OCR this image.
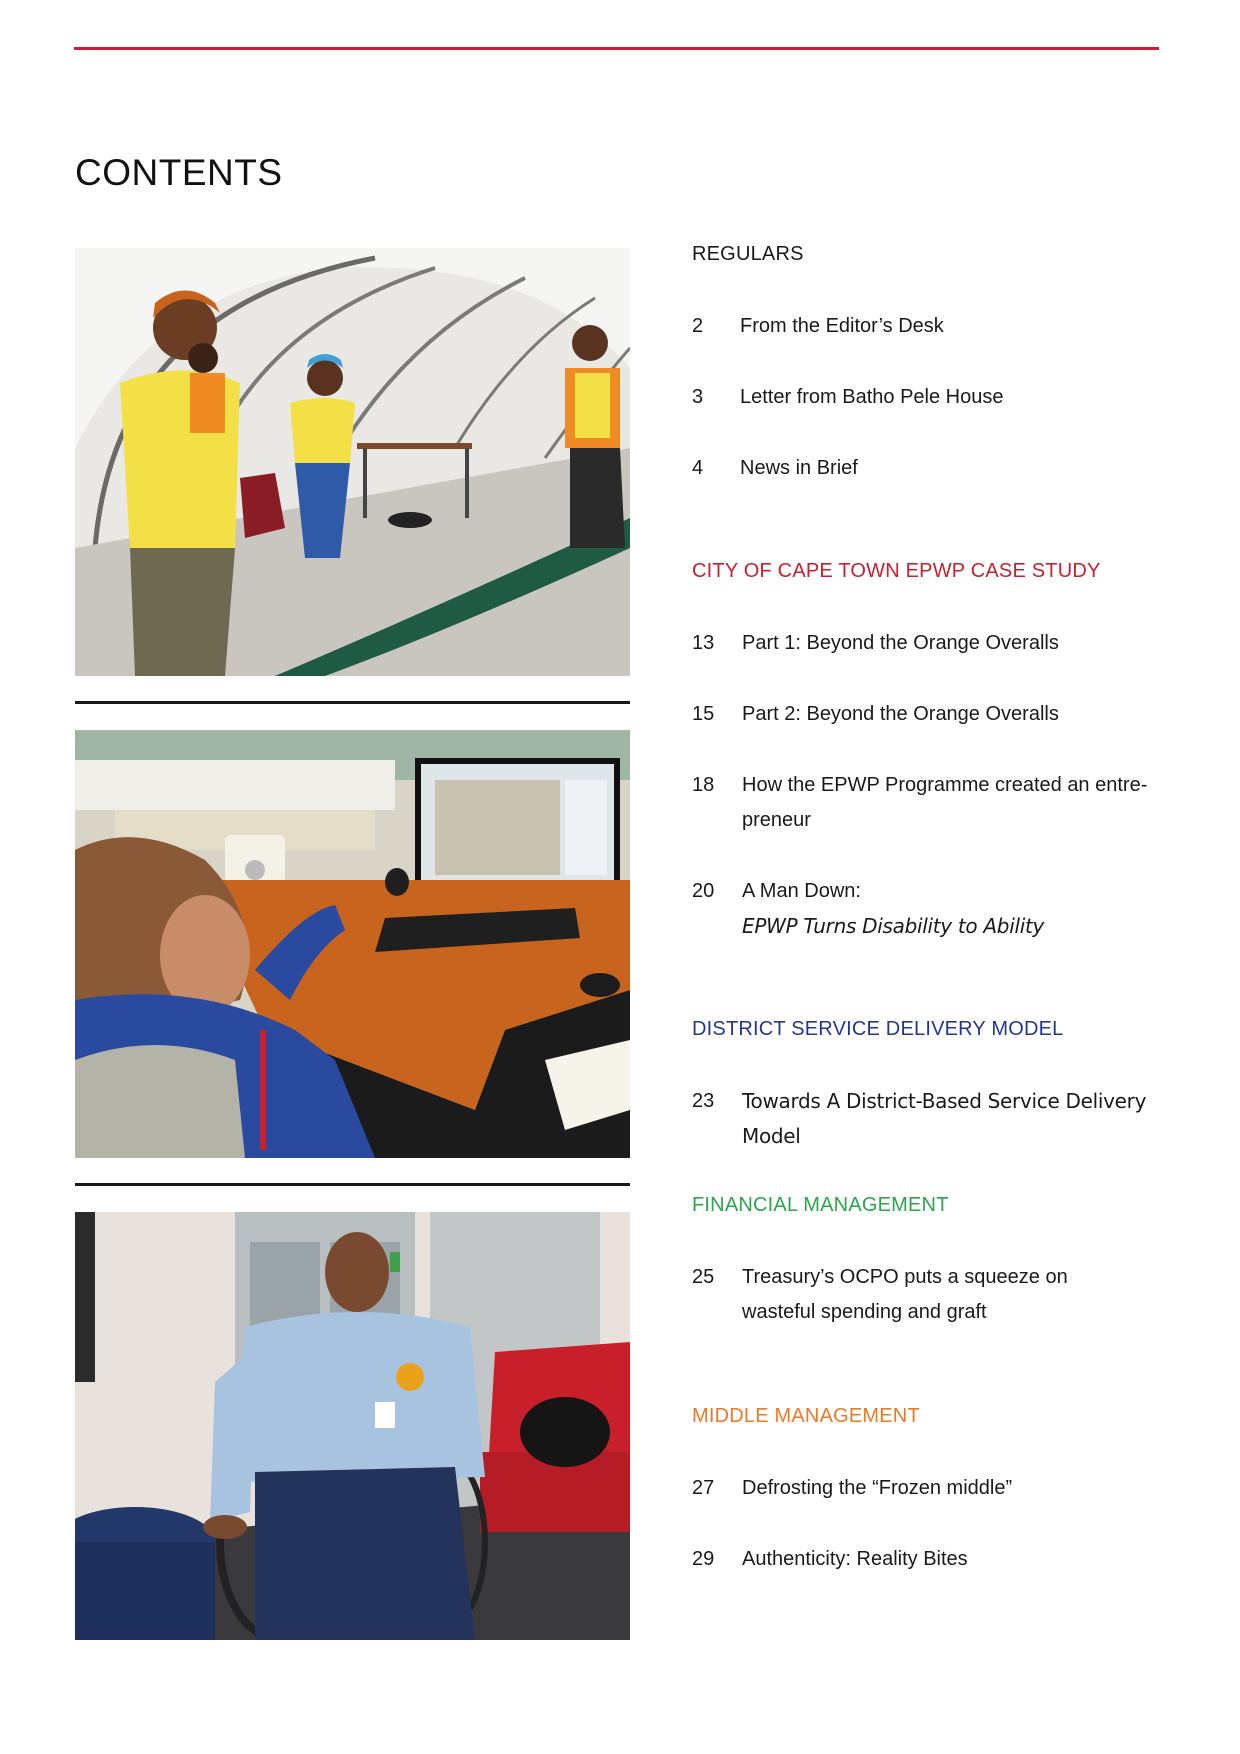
CONTENTS
REGULARS
2 From the Editor’s Desk
3 Letter from Batho Pele House
4 News in Brief
CITY OF CAPE TOWN EPWP CASE STUDY
13 Part 1: Beyond the Orange Overalls
15 Part 2: Beyond the Orange Overalls
18 How the EPWP Programme created an entre-
preneur
20 A Man Down:
EPWP Turns Disability to Ability
DISTRICT SERVICE DELIVERY MODEL
23 Towards A District-Based Service Delivery
Model
FINANCIAL MANAGEMENT
25 Treasury’s OCPO puts a squeeze on
wasteful spending and graft
MIDDLE MANAGEMENT
27 Defrosting the “Frozen middle”
29 Authenticity: Reality Bites
